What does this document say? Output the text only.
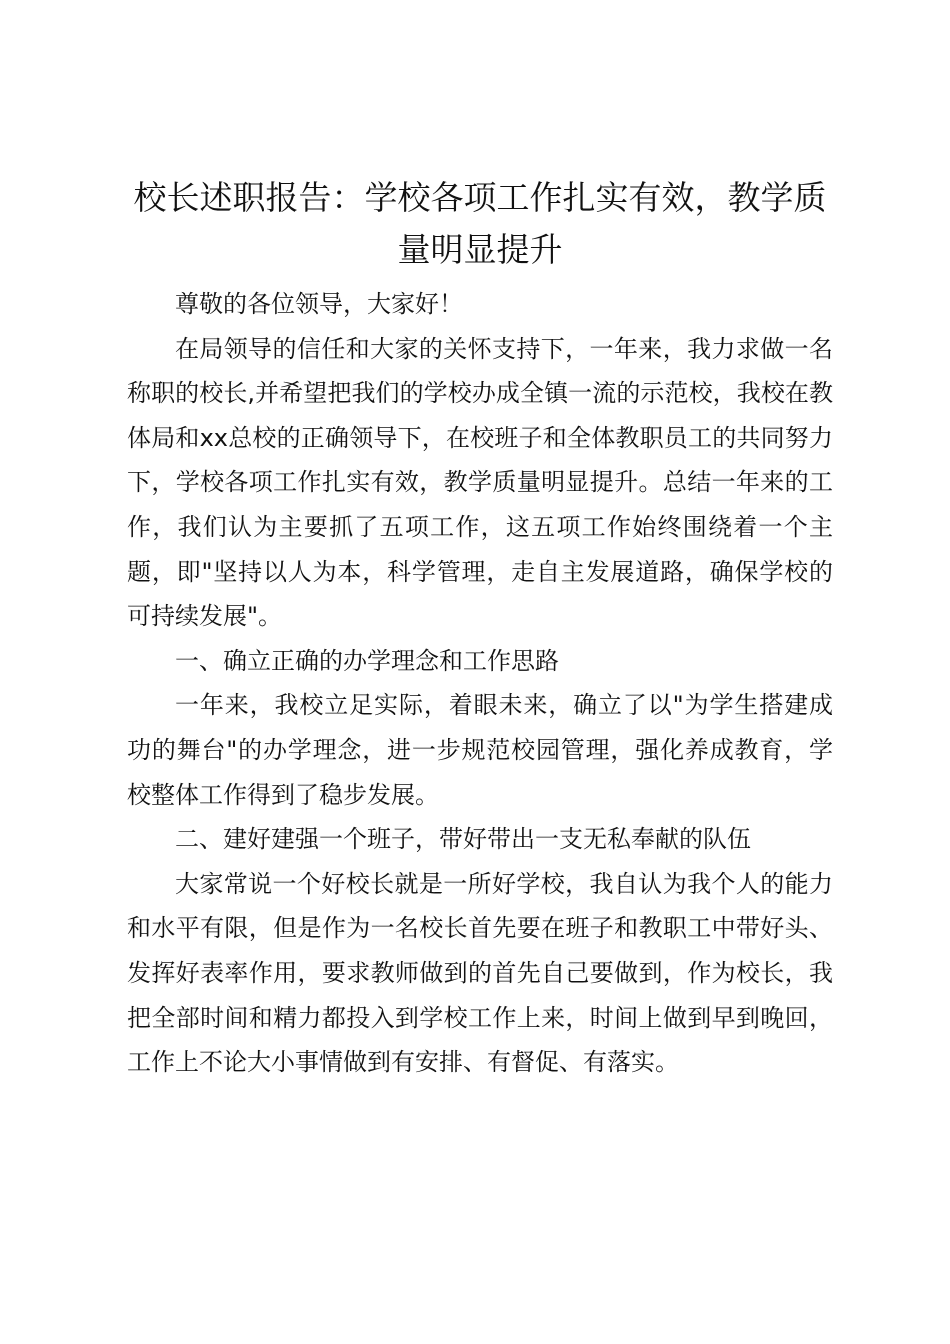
校长述职报告：学校各项工作扎实有效，教学质量明显提升

尊敬的各位领导，大家好！

在局领导的信任和大家的关怀支持下，一年来，我力求做一名称职的校长,并希望把我们的学校办成全镇一流的示范校，我校在教体局和xx总校的正确领导下，在校班子和全体教职员工的共同努力下，学校各项工作扎实有效，教学质量明显提升。总结一年来的工作，我们认为主要抓了五项工作，这五项工作始终围绕着一个主题，即"坚持以人为本，科学管理，走自主发展道路，确保学校的可持续发展"。

一、确立正确的办学理念和工作思路

一年来，我校立足实际，着眼未来，确立了以"为学生搭建成功的舞台"的办学理念，进一步规范校园管理，强化养成教育，学校整体工作得到了稳步发展。

二、建好建强一个班子，带好带出一支无私奉献的队伍

大家常说一个好校长就是一所好学校，我自认为我个人的能力和水平有限，但是作为一名校长首先要在班子和教职工中带好头、发挥好表率作用，要求教师做到的首先自己要做到，作为校长，我把全部时间和精力都投入到学校工作上来，时间上做到早到晚回，工作上不论大小事情做到有安排、有督促、有落实。
